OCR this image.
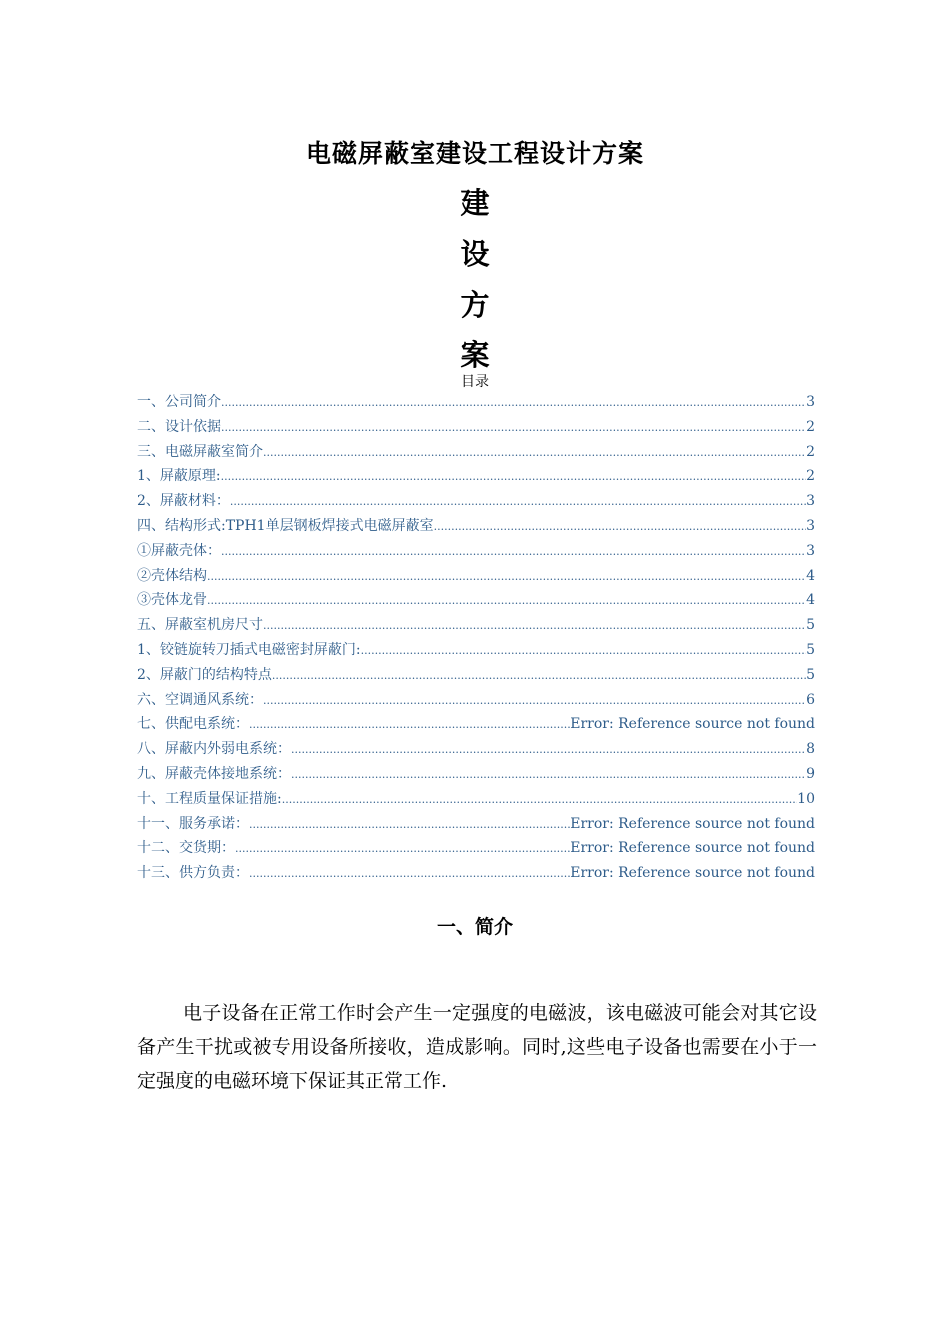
电磁屏蔽室建设工程设计方案
建
设
方
案
目录
一、公司简介 .....	3
二、设计依据 .....	2
三、电磁屏蔽室简介 .....	2
1、屏蔽原理: .....	2
2、屏蔽材料： .....	3
四、结构形式:TPH1单层钢板焊接式电磁屏蔽室 .....	3
①屏蔽壳体： .....	3
②壳体结构 .....	4
③壳体龙骨 .....	4
五、屏蔽室机房尺寸 .....	5
1、铰链旋转刀插式电磁密封屏蔽门: .....	5
2、屏蔽门的结构特点 .....	5
六、空调通风系统： .....	6
七、供配电系统： .....	Error: Reference source not found
八、屏蔽内外弱电系统： .....	8
九、屏蔽壳体接地系统： .....	9
十、工程质量保证措施: .....	10
十一、服务承诺： .....	Error: Reference source not found
十二、交货期： .....	Error: Reference source not found
十三、供方负责： .....	Error: Reference source not found
一、简介
电子设备在正常工作时会产生一定强度的电磁波，该电磁波可能会对其它设备产生干扰或被专用设备所接收，造成影响。同时,这些电子设备也需要在小于一定强度的电磁环境下保证其正常工作.
